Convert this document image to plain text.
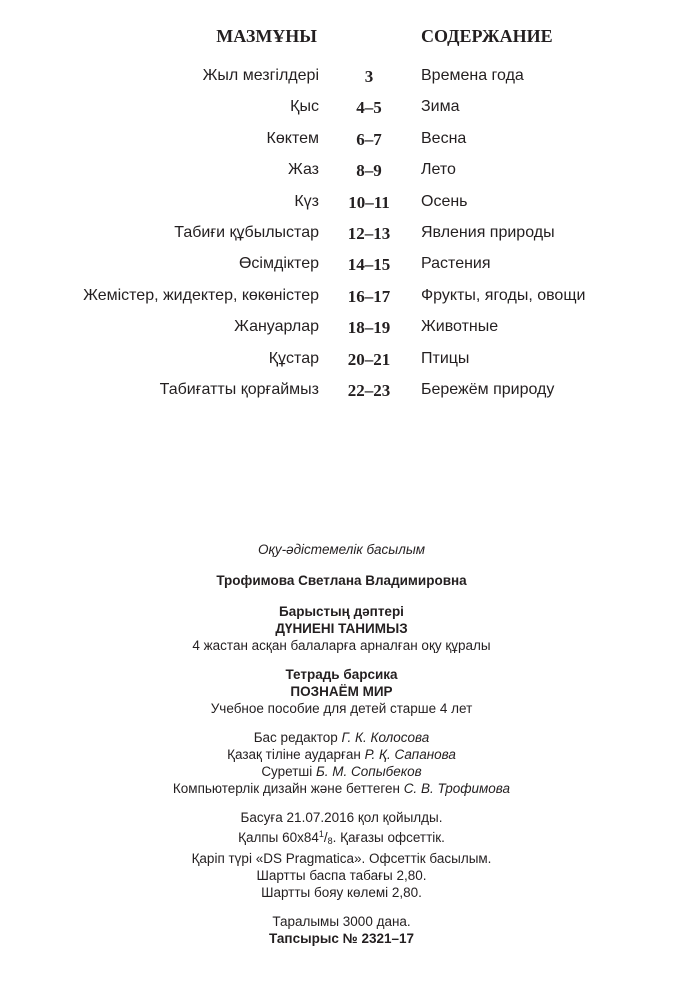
МАЗМҰНЫ	СОДЕРЖАНИЕ
Жыл мезгілдері	3	Времена года
Қыс	4–5	Зима
Көктем	6–7	Весна
Жаз	8–9	Лето
Күз	10–11	Осень
Табиғи құбылыстар	12–13	Явления природы
Өсімдіктер	14–15	Растения
Жемістер, жидектер, көкөністер	16–17	Фрукты, ягоды, овощи
Жануарлар	18–19	Животные
Құстар	20–21	Птицы
Табиғатты қорғаймыз	22–23	Бережём природу
Оқу-әдістемелік басылым
Трофимова Светлана Владимировна
Барыстың дәптері
ДҮНИЕНІ ТАНИМЫЗ
4 жастан асқан балаларға арналған оқу құралы
Тетрадь барсика
ПОЗНАЁМ МИР
Учебное пособие для детей старше 4 лет
Бас редактор Г. К. Колосова
Қазақ тіліне аударған Р. Қ. Сапанова
Суретші Б. М. Сопыбеков
Компьютерлік дизайн және беттеген С. В. Трофимова
Басуға 21.07.2016 қол қойылды.
Қалпы $60х84^1/_8$. Қағазы офсеттік.
Қаріп түрі «DS Pragmatica». Офсеттік басылым.
Шартты баспа табағы 2,80.
Шартты бояу көлемі 2,80.
Таралымы 3000 дана.
Тапсырыс № 2321–17
